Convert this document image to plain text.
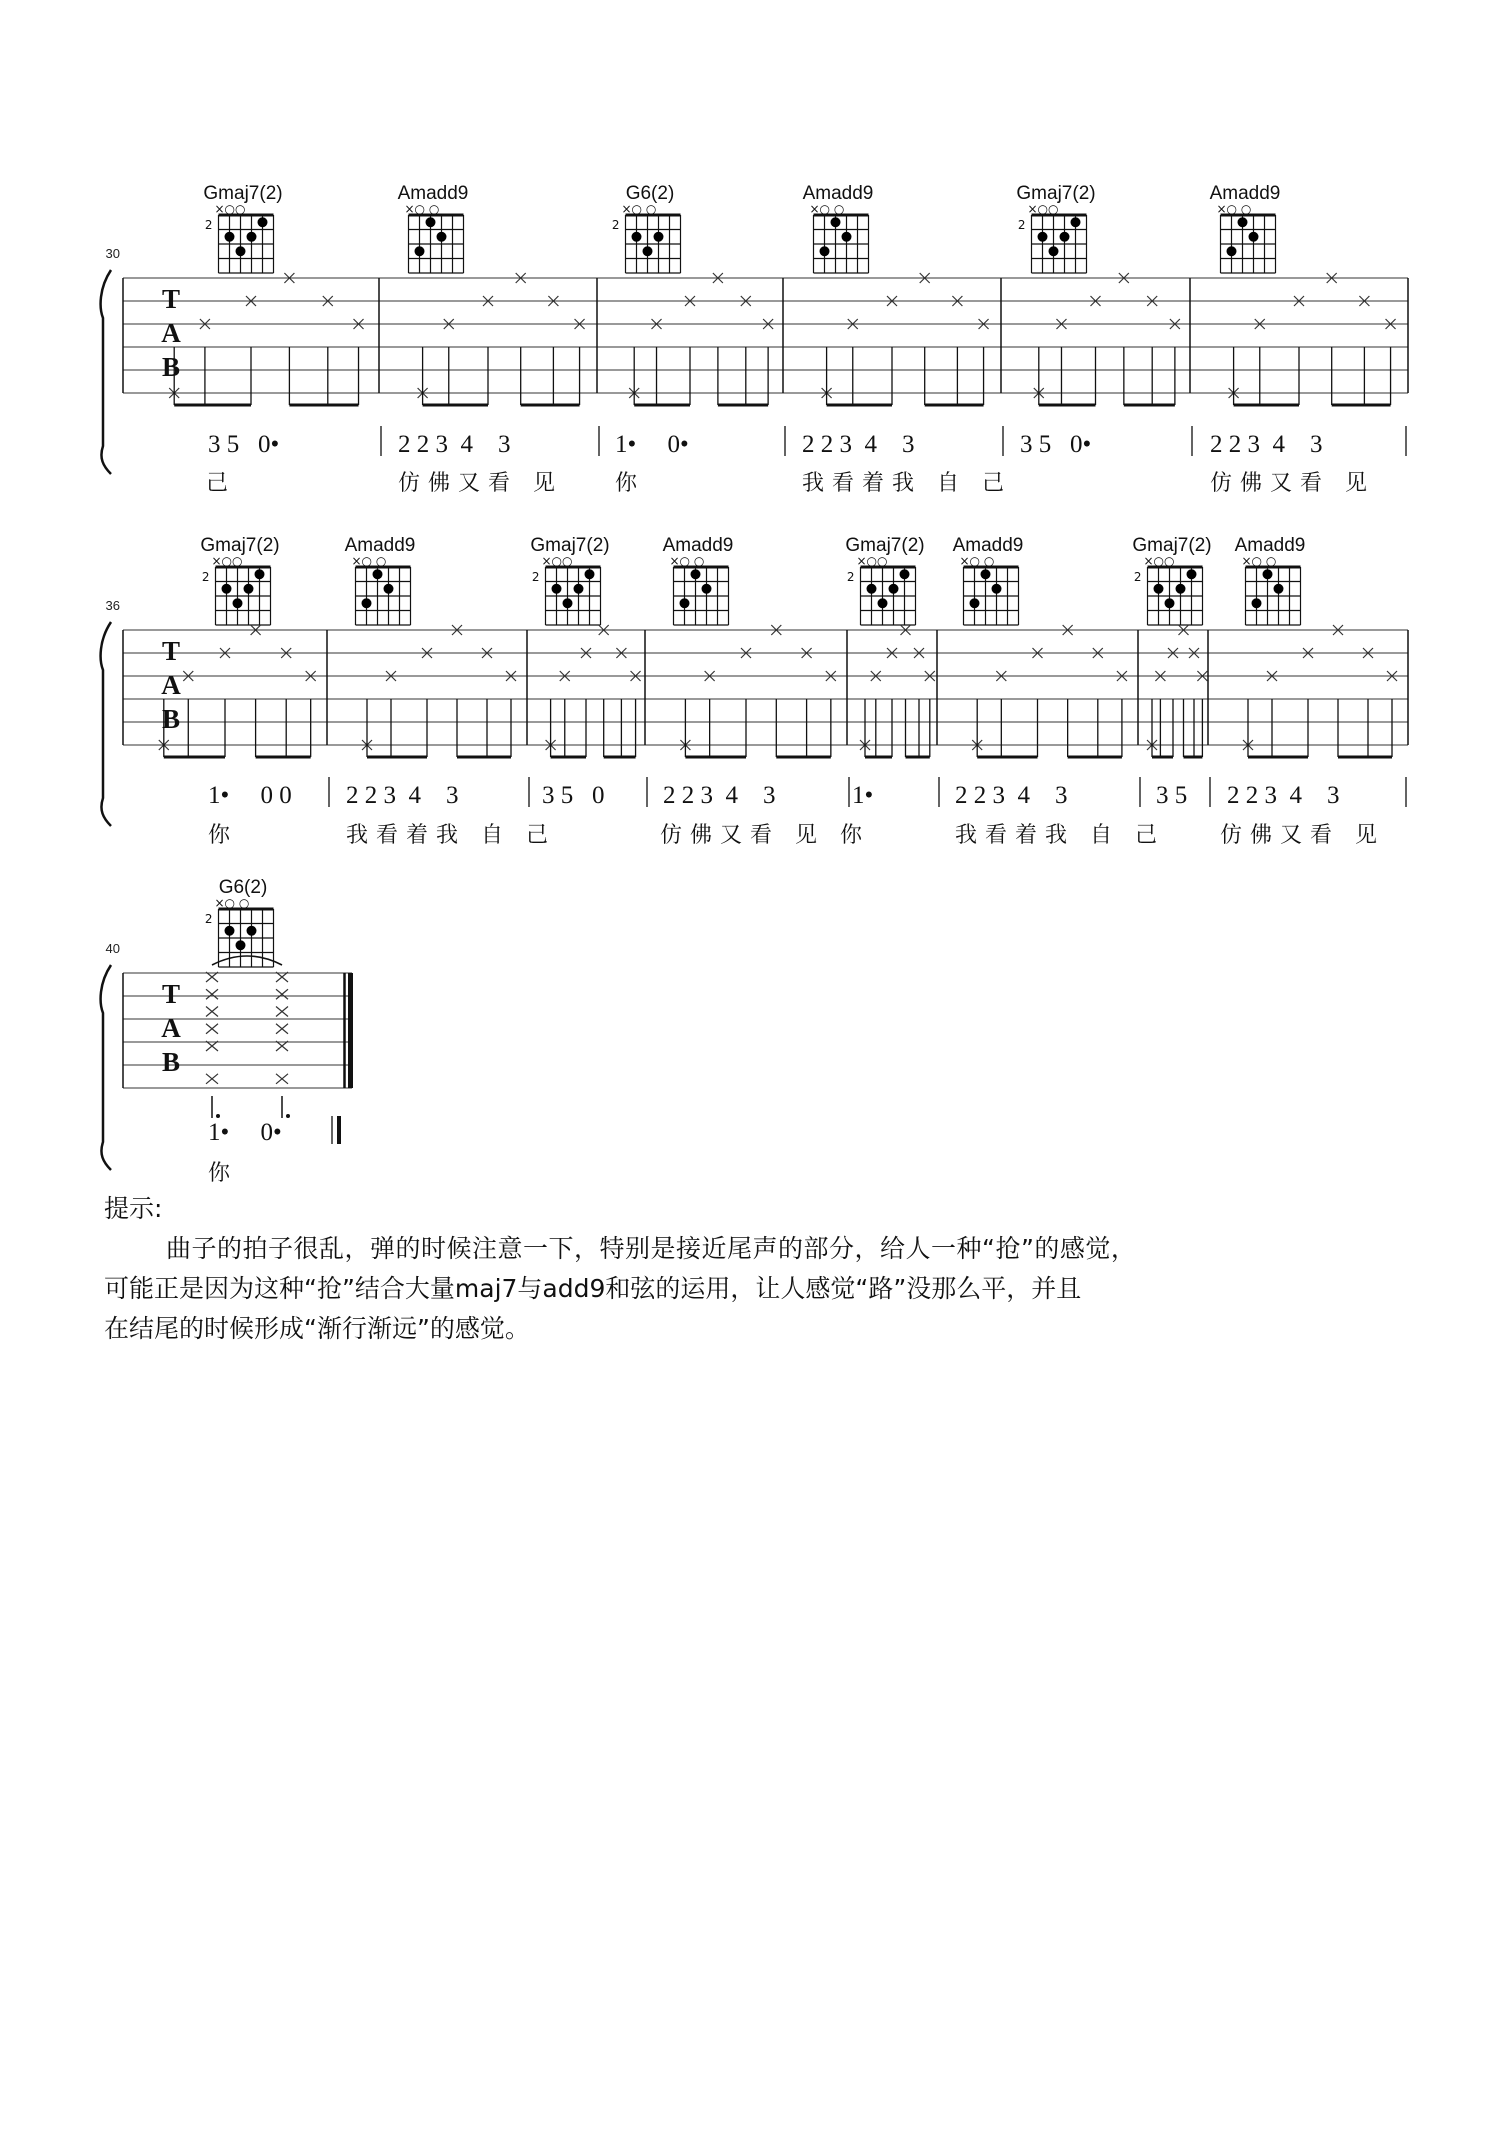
30
T
A
B
Gmaj7(2)
×○○
2
Amadd9
×○ ○
G6(2)
×○ ○
2
Amadd9
×○ ○
Gmaj7(2)
×○○
2
Amadd9
×○ ○
3 5   0•	2 2 3  4    3	1•     0•	2 2 3  4    3	3 5   0•	2 2 3  4    3
己	仿佛又看 见 你	我看着我 自 己	仿佛又看 见
36
T
A
B
Gmaj7(2)
×○○
2
Amadd9
×○ ○
Gmaj7(2)
×○○
2
Amadd9
×○ ○
Gmaj7(2)
×○○
2
Amadd9
×○ ○
Gmaj7(2)
×○○
2
Amadd9
×○ ○
1•     0 0 2 2 3  4    3	3 5   0 2 2 3  4    3	1•	2 2 3  4    3	3 5 2 2 3  4    3
你	我看着我 自 己	仿佛又看 见 你	我看着我 自 己	仿佛又看 见
40
T
A
B
G6(2)
×○ ○
2
1•     0•
你

提示:

曲子的拍子很乱，弹的时候注意一下，特别是接近尾声的部分，给人一种“抢”的感觉，

可能正是因为这种“抢”结合大量maj7与add9和弦的运用，让人感觉“路”没那么平，并且

在结尾的时候形成“渐行渐远”的感觉。
